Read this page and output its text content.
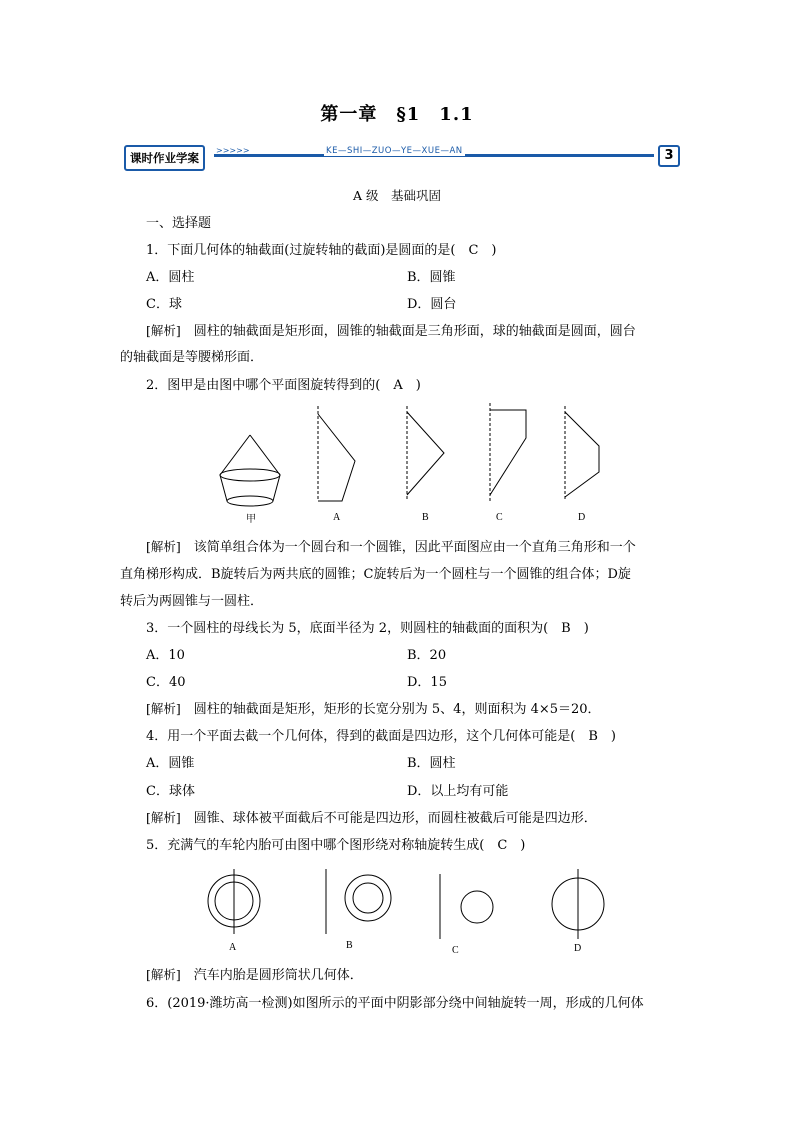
第一章　§1　1.1
课时作业学案
>>>>>	KE—SHI—ZUO—YE—XUE—AN	3
A 级　基础巩固
一、选择题
1．下面几何体的轴截面(过旋转轴的截面)是圆面的是(　C　)
A．圆柱	B．圆锥
C．球	D．圆台
[解析]　圆柱的轴截面是矩形面，圆锥的轴截面是三角形面，球的轴截面是圆面，圆台
的轴截面是等腰梯形面．
2．图甲是由图中哪个平面图旋转得到的(　A　)
甲	A	B	C	D
[解析]　该简单组合体为一个圆台和一个圆锥，因此平面图应由一个直角三角形和一个
直角梯形构成．B旋转后为两共底的圆锥；C旋转后为一个圆柱与一个圆锥的组合体；D旋
转后为两圆锥与一圆柱．
3．一个圆柱的母线长为 5，底面半径为 2，则圆柱的轴截面的面积为(　B　)
A．10	B．20
C．40	D．15
[解析]　圆柱的轴截面是矩形，矩形的长宽分别为 5、4，则面积为 4×5＝20．
4．用一个平面去截一个几何体，得到的截面是四边形，这个几何体可能是(　B　)
A．圆锥	B．圆柱
C．球体	D．以上均有可能
[解析]　圆锥、球体被平面截后不可能是四边形，而圆柱被截后可能是四边形．
5．充满气的车轮内胎可由图中哪个图形绕对称轴旋转生成(　C　)
A	B	C	D
[解析]　汽车内胎是圆形筒状几何体．
6．(2019·潍坊高一检测)如图所示的平面中阴影部分绕中间轴旋转一周，形成的几何体
